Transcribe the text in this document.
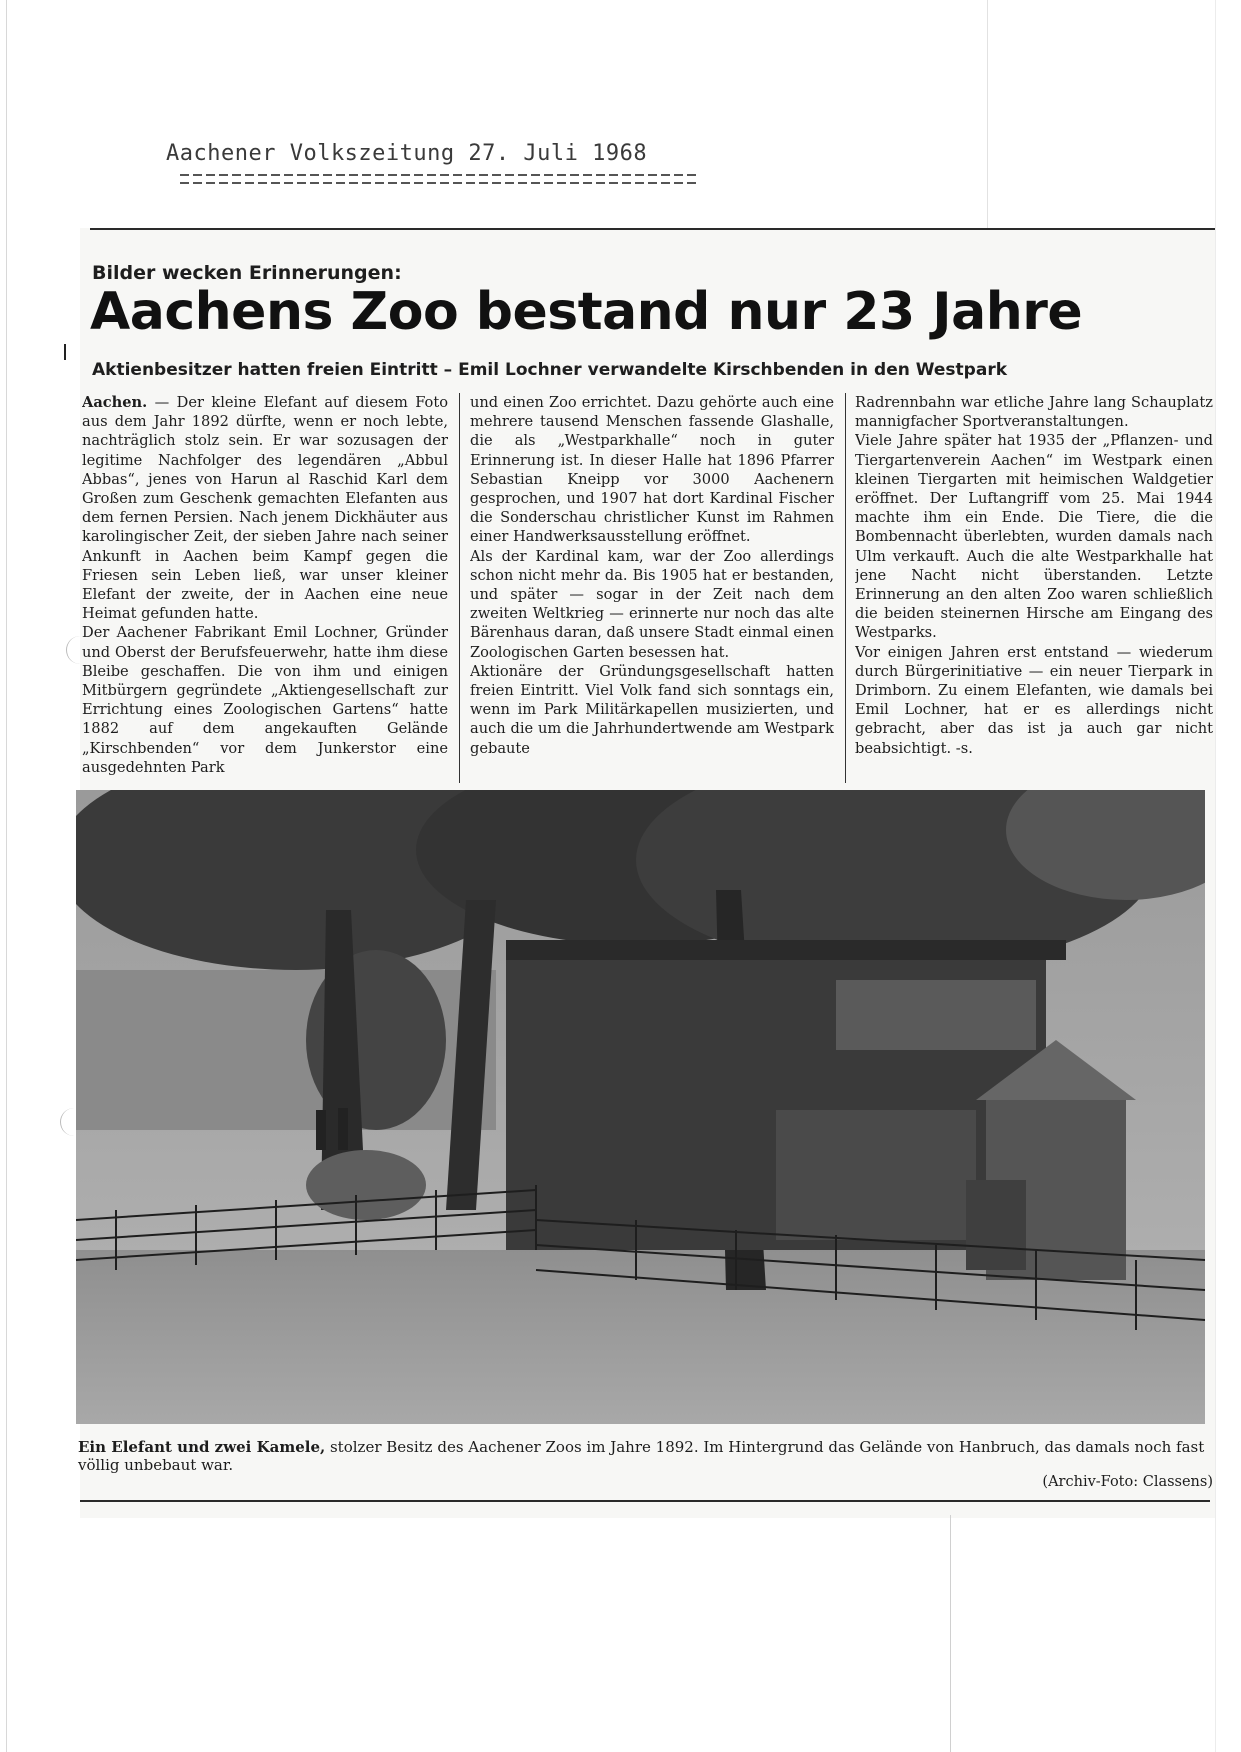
Aachener Volkszeitung 27. Juli 1968
Bilder wecken Erinnerungen:
Aachens Zoo bestand nur 23 Jahre
Aktienbesitzer hatten freien Eintritt – Emil Lochner verwandelte Kirschbenden in den Westpark

Aachen. — Der kleine Elefant auf diesem Foto aus dem Jahr 1892 dürfte, wenn er noch lebte, nachträglich stolz sein. Er war sozusagen der legitime Nachfolger des legendären „Abbul Abbas“, jenes von Harun al Raschid Karl dem Großen zum Geschenk gemachten Elefanten aus dem fernen Persien. Nach jenem Dickhäuter aus karolingischer Zeit, der sieben Jahre nach seiner Ankunft in Aachen beim Kampf gegen die Friesen sein Leben ließ, war unser kleiner Elefant der zweite, der in Aachen eine neue Heimat gefunden hatte.

Der Aachener Fabrikant Emil Lochner, Gründer und Oberst der Berufsfeuerwehr, hatte ihm diese Bleibe geschaffen. Die von ihm und einigen Mitbürgern gegründete „Aktiengesellschaft zur Errichtung eines Zoologischen Gartens“ hatte 1882 auf dem angekauften Gelände „Kirschbenden“ vor dem Junkerstor eine ausgedehnten Park

und einen Zoo errichtet. Dazu gehörte auch eine mehrere tausend Menschen fassende Glashalle, die als „Westparkhalle“ noch in guter Erinnerung ist. In dieser Halle hat 1896 Pfarrer Sebastian Kneipp vor 3000 Aachenern gesprochen, und 1907 hat dort Kardinal Fischer die Sonderschau christlicher Kunst im Rahmen einer Handwerksausstellung eröffnet.

Als der Kardinal kam, war der Zoo allerdings schon nicht mehr da. Bis 1905 hat er bestanden, und später — sogar in der Zeit nach dem zweiten Weltkrieg — erinnerte nur noch das alte Bärenhaus daran, daß unsere Stadt einmal einen Zoologischen Garten besessen hat.

Aktionäre der Gründungsgesellschaft hatten freien Eintritt. Viel Volk fand sich sonntags ein, wenn im Park Militärkapellen musizierten, und auch die um die Jahrhundertwende am Westpark gebaute

Radrennbahn war etliche Jahre lang Schauplatz mannigfacher Sportveranstaltungen.

Viele Jahre später hat 1935 der „Pflanzen- und Tiergartenverein Aachen“ im Westpark einen kleinen Tiergarten mit heimischen Waldgetier eröffnet. Der Luftangriff vom 25. Mai 1944 machte ihm ein Ende. Die Tiere, die die Bombennacht überlebten, wurden damals nach Ulm verkauft. Auch die alte Westparkhalle hat jene Nacht nicht überstanden. Letzte Erinnerung an den alten Zoo waren schließlich die beiden steinernen Hirsche am Eingang des Westparks.

Vor einigen Jahren erst entstand — wiederum durch Bürgerinitiative — ein neuer Tierpark in Drimborn. Zu einem Elefanten, wie damals bei Emil Lochner, hat er es allerdings nicht gebracht, aber das ist ja auch gar nicht beabsichtigt. -s.

Ein Elefant und zwei Kamele, stolzer Besitz des Aachener Zoos im Jahre 1892. Im Hintergrund das Gelände von Hanbruch, das damals noch fast völlig unbebaut war.
(Archiv-Foto: Classens)
